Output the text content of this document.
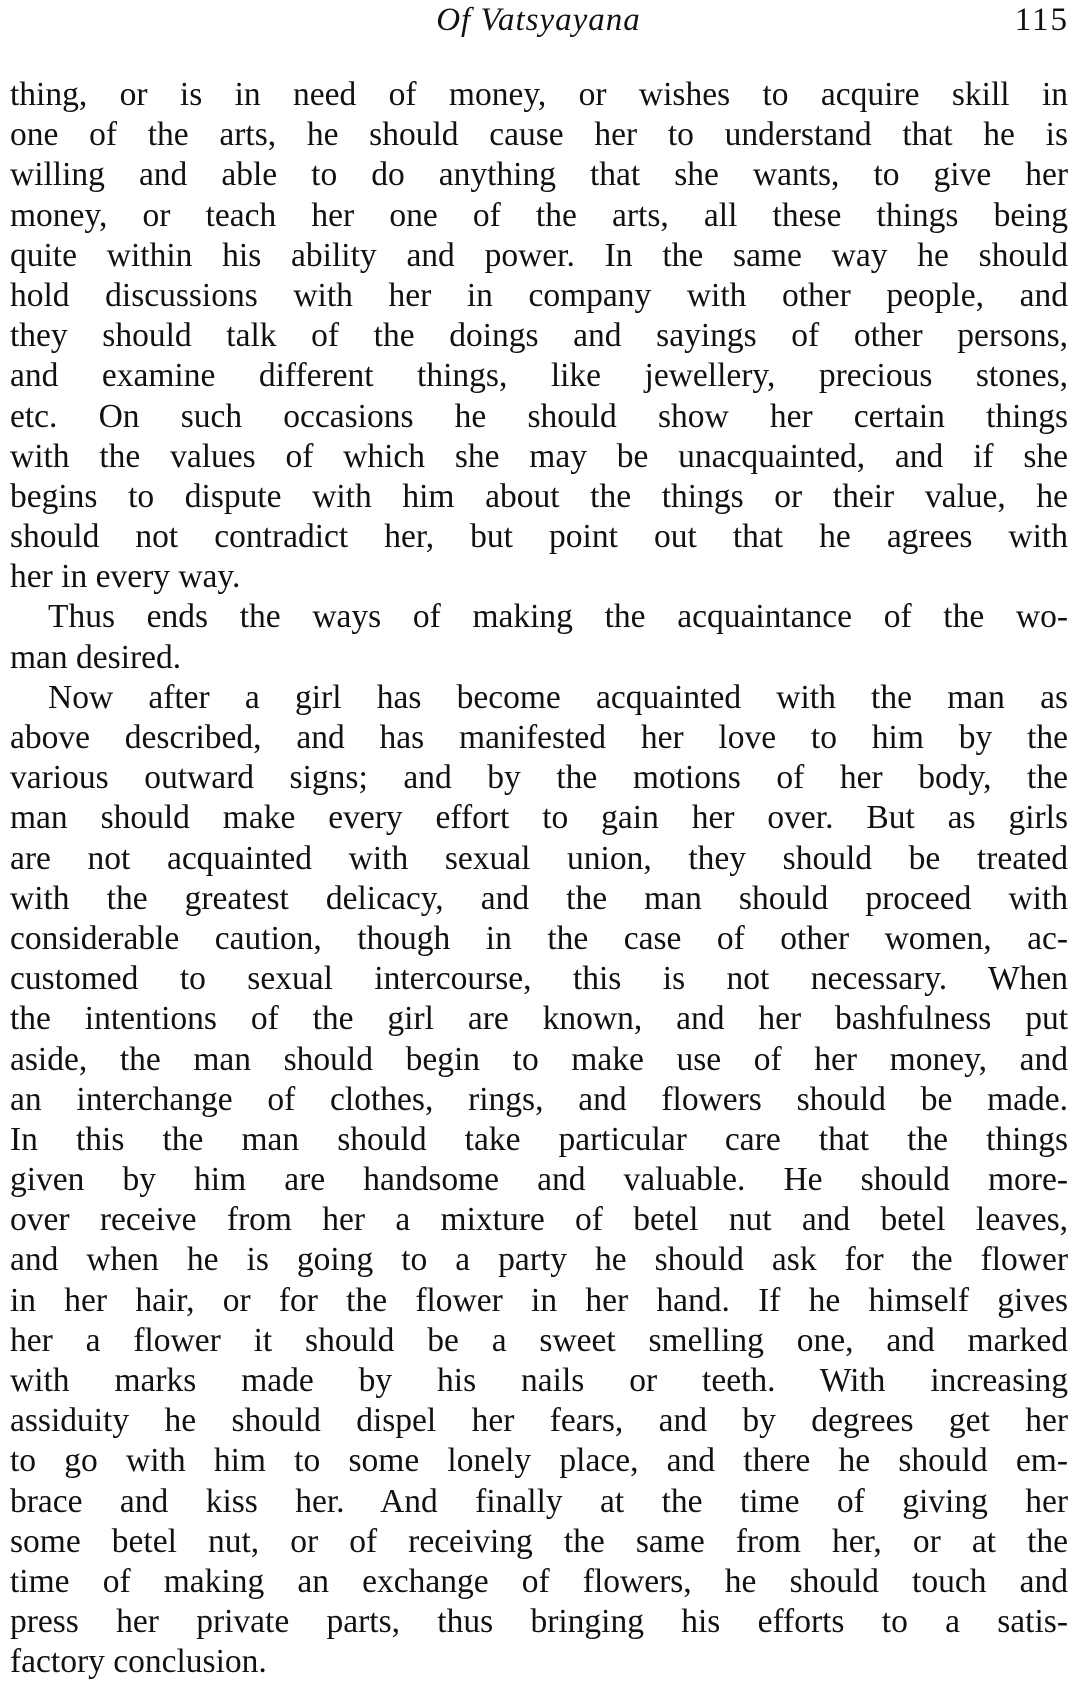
Of Vatsyayana	115
thing, or is in need of money, or wishes to acquire skill in
one of the arts, he should cause her to understand that he is
willing and able to do anything that she wants, to give her
money, or teach her one of the arts, all these things being
quite within his ability and power. In the same way he should
hold discussions with her in company with other people, and
they should talk of the doings and sayings of other persons,
and examine different things, like jewellery, precious stones,
etc. On such occasions he should show her certain things
with the values of which she may be unacquainted, and if she
begins to dispute with him about the things or their value, he
should not contradict her, but point out that he agrees with
her in every way.
Thus ends the ways of making the acquaintance of the wo-
man desired.
Now after a girl has become acquainted with the man as
above described, and has manifested her love to him by the
various outward signs; and by the motions of her body, the
man should make every effort to gain her over. But as girls
are not acquainted with sexual union, they should be treated
with the greatest delicacy, and the man should proceed with
considerable caution, though in the case of other women, ac-
customed to sexual intercourse, this is not necessary. When
the intentions of the girl are known, and her bashfulness put
aside, the man should begin to make use of her money, and
an interchange of clothes, rings, and flowers should be made.
In this the man should take particular care that the things
given by him are handsome and valuable. He should more-
over receive from her a mixture of betel nut and betel leaves,
and when he is going to a party he should ask for the flower
in her hair, or for the flower in her hand. If he himself gives
her a flower it should be a sweet smelling one, and marked
with marks made by his nails or teeth. With increasing
assiduity he should dispel her fears, and by degrees get her
to go with him to some lonely place, and there he should em-
brace and kiss her. And finally at the time of giving her
some betel nut, or of receiving the same from her, or at the
time of making an exchange of flowers, he should touch and
press her private parts, thus bringing his efforts to a satis-
factory conclusion.
